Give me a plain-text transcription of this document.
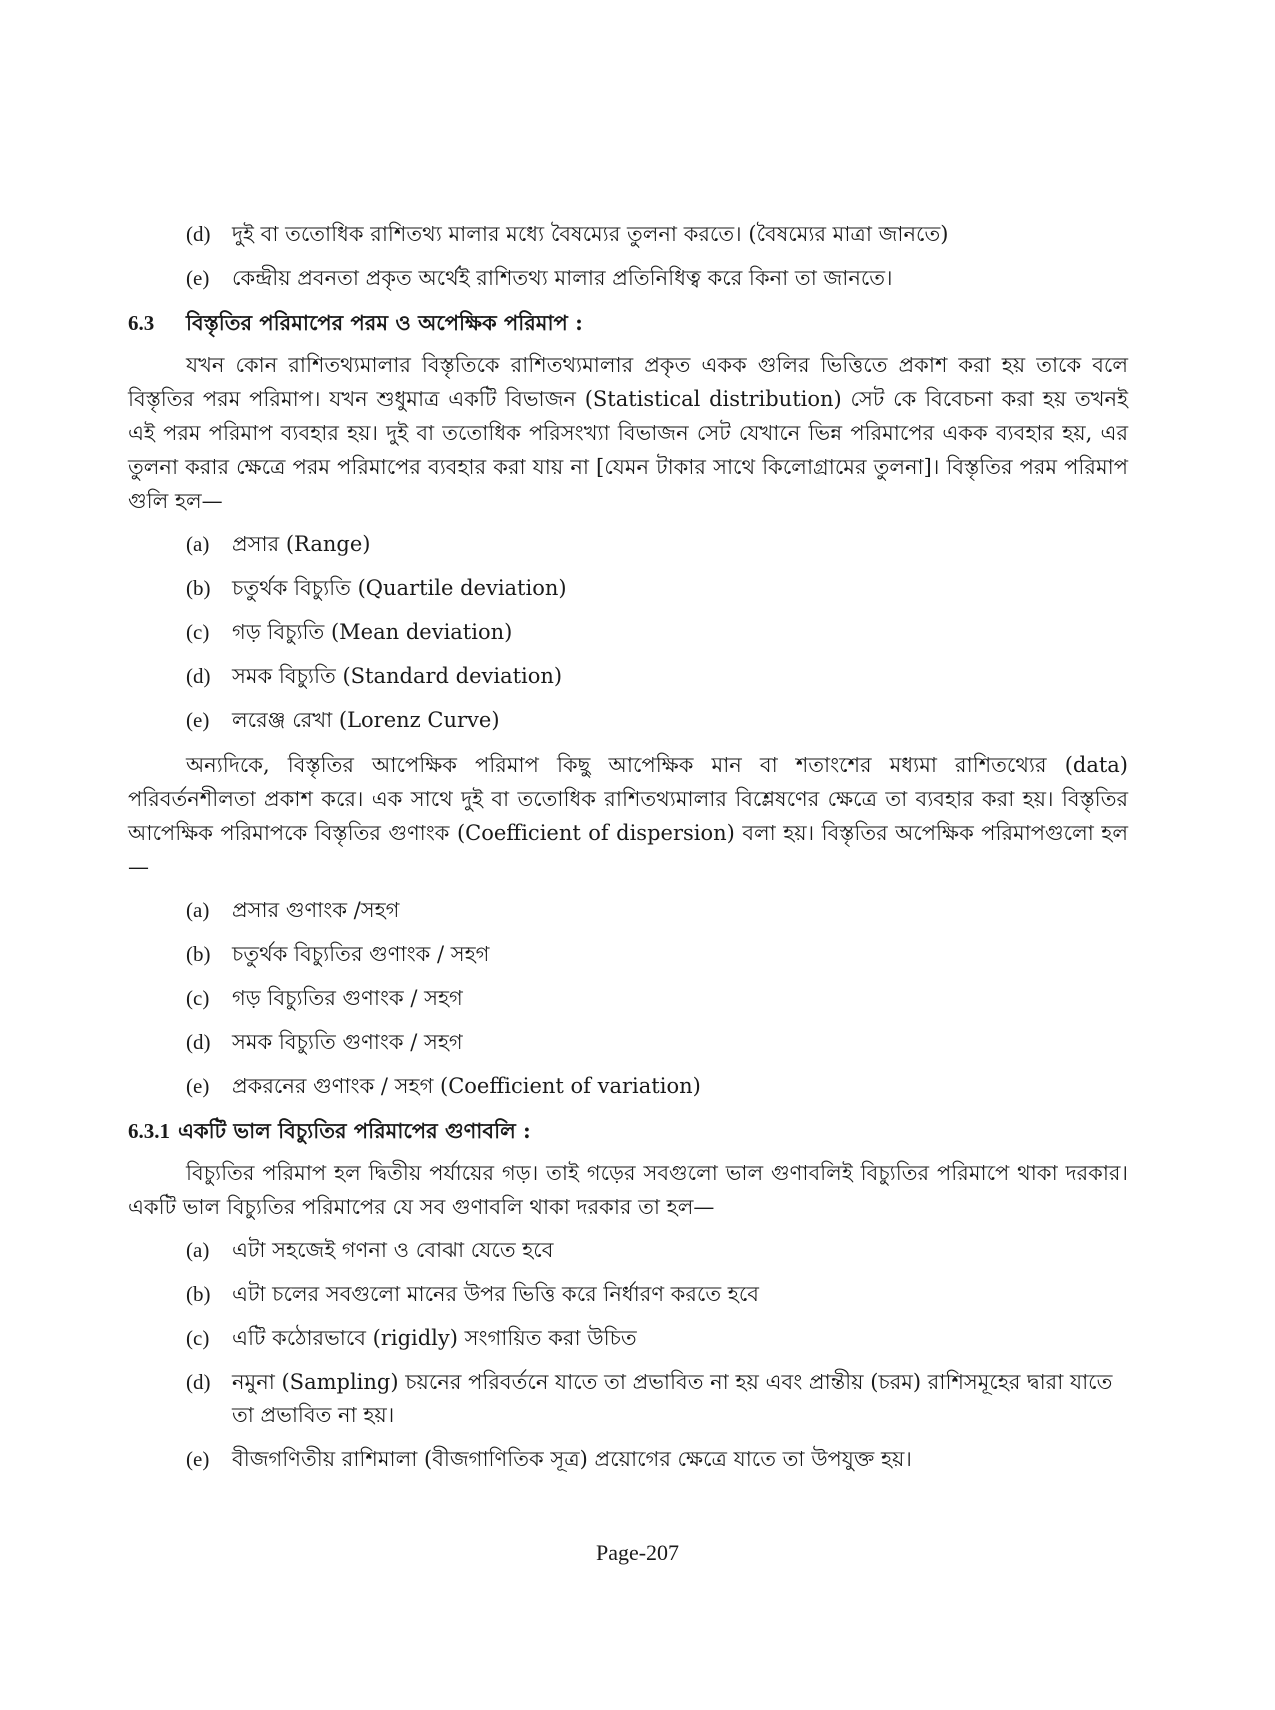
(d) দুই বা ততোধিক রাশিতথ্য মালার মধ্যে বৈষম্যের তুলনা করতে। (বৈষম্যের মাত্রা জানতে)
(e) কেন্দ্রীয় প্রবনতা প্রকৃত অর্থেই রাশিতথ্য মালার প্রতিনিধিত্ব করে কিনা তা জানতে।
6.3 বিস্তৃতির পরিমাপের পরম ও অপেক্ষিক পরিমাপ :

যখন কোন রাশিতথ্যমালার বিস্তৃতিকে রাশিতথ্যমালার প্রকৃত একক গুলির ভিত্তিতে প্রকাশ করা হয় তাকে বলে বিস্তৃতির পরম পরিমাপ। যখন শুধুমাত্র একটি বিভাজন (Statistical distribution) সেট কে বিবেচনা করা হয় তখনই এই পরম পরিমাপ ব্যবহার হয়। দুই বা ততোধিক পরিসংখ্যা বিভাজন সেট যেখানে ভিন্ন পরিমাপের একক ব্যবহার হয়, এর তুলনা করার ক্ষেত্রে পরম পরিমাপের ব্যবহার করা যায় না [যেমন টাকার সাথে কিলোগ্রামের তুলনা]। বিস্তৃতির পরম পরিমাপ গুলি হল—

(a) প্রসার (Range)
(b) চতুর্থক বিচ্যুতি (Quartile deviation)
(c) গড় বিচ্যুতি (Mean deviation)
(d) সমক বিচ্যুতি (Standard deviation)
(e) লরেঞ্জ রেখা (Lorenz Curve)

অন্যদিকে, বিস্তৃতির আপেক্ষিক পরিমাপ কিছু আপেক্ষিক মান বা শতাংশের মধ্যমা রাশিতথ্যের (data) পরিবর্তনশীলতা প্রকাশ করে। এক সাথে দুই বা ততোধিক রাশিতথ্যমালার বিশ্লেষণের ক্ষেত্রে তা ব্যবহার করা হয়। বিস্তৃতির আপেক্ষিক পরিমাপকে বিস্তৃতির গুণাংক (Coefficient of dispersion) বলা হয়। বিস্তৃতির অপেক্ষিক পরিমাপগুলো হল—

(a) প্রসার গুণাংক /সহগ
(b) চতুর্থক বিচ্যুতির গুণাংক / সহগ
(c) গড় বিচ্যুতির গুণাংক / সহগ
(d) সমক বিচ্যুতি গুণাংক / সহগ
(e) প্রকরনের গুণাংক / সহগ (Coefficient of variation)
6.3.1 একটি ভাল বিচ্যুতির পরিমাপের গুণাবলি :

বিচ্যুতির পরিমাপ হল দ্বিতীয় পর্যায়ের গড়। তাই গড়ের সবগুলো ভাল গুণাবলিই বিচ্যুতির পরিমাপে থাকা দরকার। একটি ভাল বিচ্যুতির পরিমাপের যে সব গুণাবলি থাকা দরকার তা হল—

(a) এটা সহজেই গণনা ও বোঝা যেতে হবে
(b) এটা চলের সবগুলো মানের উপর ভিত্তি করে নির্ধারণ করতে হবে
(c) এটি কঠোরভাবে (rigidly) সংগায়িত করা উচিত
(d) নমুনা (Sampling) চয়নের পরিবর্তনে যাতে তা প্রভাবিত না হয় এবং প্রান্তীয় (চরম) রাশিসমূহের দ্বারা যাতে তা প্রভাবিত না হয়।
(e) বীজগণিতীয় রাশিমালা (বীজগাণিতিক সূত্র) প্রয়োগের ক্ষেত্রে যাতে তা উপযুক্ত হয়।
Page-207
